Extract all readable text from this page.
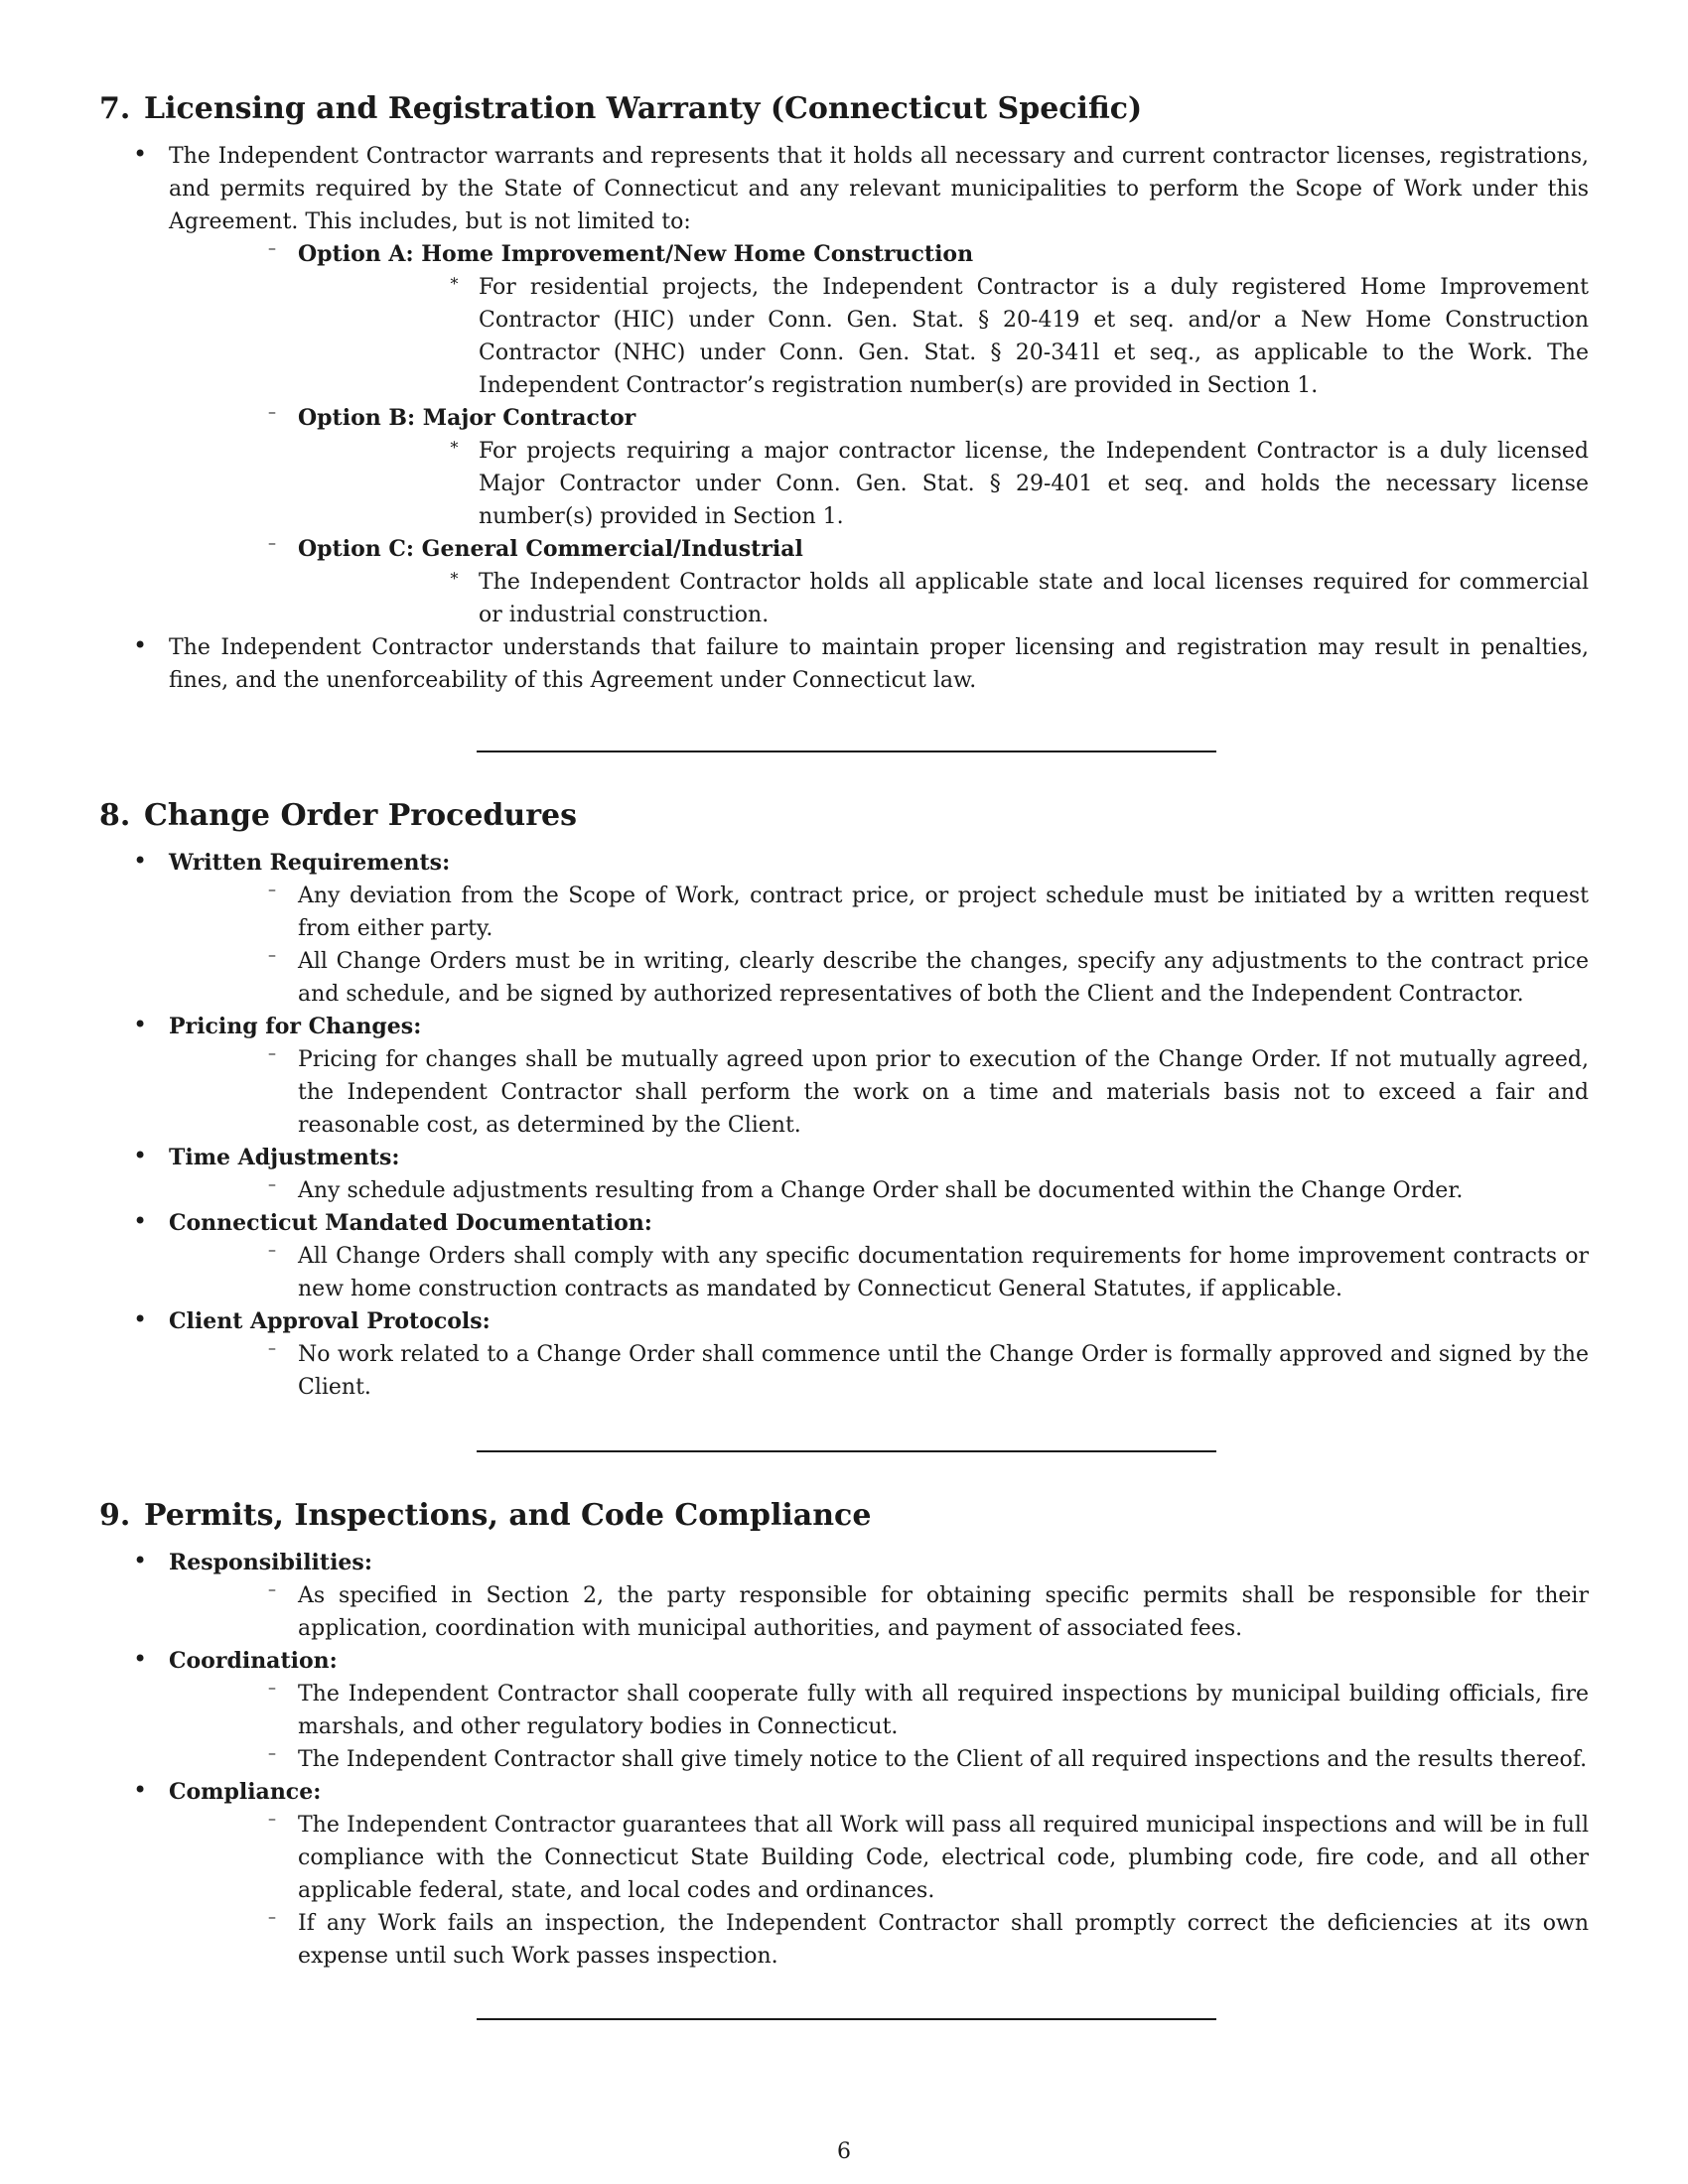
7. Licensing and Registration Warranty (Connecticut Specific)
• The Independent Contractor warrants and represents that it holds all necessary and current contractor licenses, registrations, and permits required by the State of Connecticut and any relevant municipalities to perform the Scope of Work under this Agreement. This includes, but is not limited to:
– Option A: Home Improvement/New Home Construction
∗ For residential projects, the Independent Contractor is a duly registered Home Improvement Contractor (HIC) under Conn. Gen. Stat. § 20-419 et seq. and/or a New Home Construction Contractor (NHC) under Conn. Gen. Stat. § 20-341l et seq., as applicable to the Work. The Independent Contractor’s registration number(s) are provided in Section 1.
– Option B: Major Contractor
∗ For projects requiring a major contractor license, the Independent Contractor is a duly licensed Major Contractor under Conn. Gen. Stat. § 29-401 et seq. and holds the necessary license number(s) provided in Section 1.
– Option C: General Commercial/Industrial
∗ The Independent Contractor holds all applicable state and local licenses required for commercial or industrial construction.
• The Independent Contractor understands that failure to maintain proper licensing and registration may result in penalties, fines, and the unenforceability of this Agreement under Connecticut law.
8. Change Order Procedures
• Written Requirements:
– Any deviation from the Scope of Work, contract price, or project schedule must be initiated by a written request from either party.
– All Change Orders must be in writing, clearly describe the changes, specify any adjustments to the contract price and schedule, and be signed by authorized representatives of both the Client and the Independent Contractor.
• Pricing for Changes:
– Pricing for changes shall be mutually agreed upon prior to execution of the Change Order. If not mutually agreed, the Independent Contractor shall perform the work on a time and materials basis not to exceed a fair and reasonable cost, as determined by the Client.
• Time Adjustments:
– Any schedule adjustments resulting from a Change Order shall be documented within the Change Order.
• Connecticut Mandated Documentation:
– All Change Orders shall comply with any specific documentation requirements for home improvement contracts or new home construction contracts as mandated by Connecticut General Statutes, if applicable.
• Client Approval Protocols:
– No work related to a Change Order shall commence until the Change Order is formally approved and signed by the Client.
9. Permits, Inspections, and Code Compliance
• Responsibilities:
– As specified in Section 2, the party responsible for obtaining specific permits shall be responsible for their application, coordination with municipal authorities, and payment of associated fees.
• Coordination:
– The Independent Contractor shall cooperate fully with all required inspections by municipal building officials, fire marshals, and other regulatory bodies in Connecticut.
– The Independent Contractor shall give timely notice to the Client of all required inspections and the results thereof.
• Compliance:
– The Independent Contractor guarantees that all Work will pass all required municipal inspections and will be in full compliance with the Connecticut State Building Code, electrical code, plumbing code, fire code, and all other applicable federal, state, and local codes and ordinances.
– If any Work fails an inspection, the Independent Contractor shall promptly correct the deficiencies at its own expense until such Work passes inspection.
6
